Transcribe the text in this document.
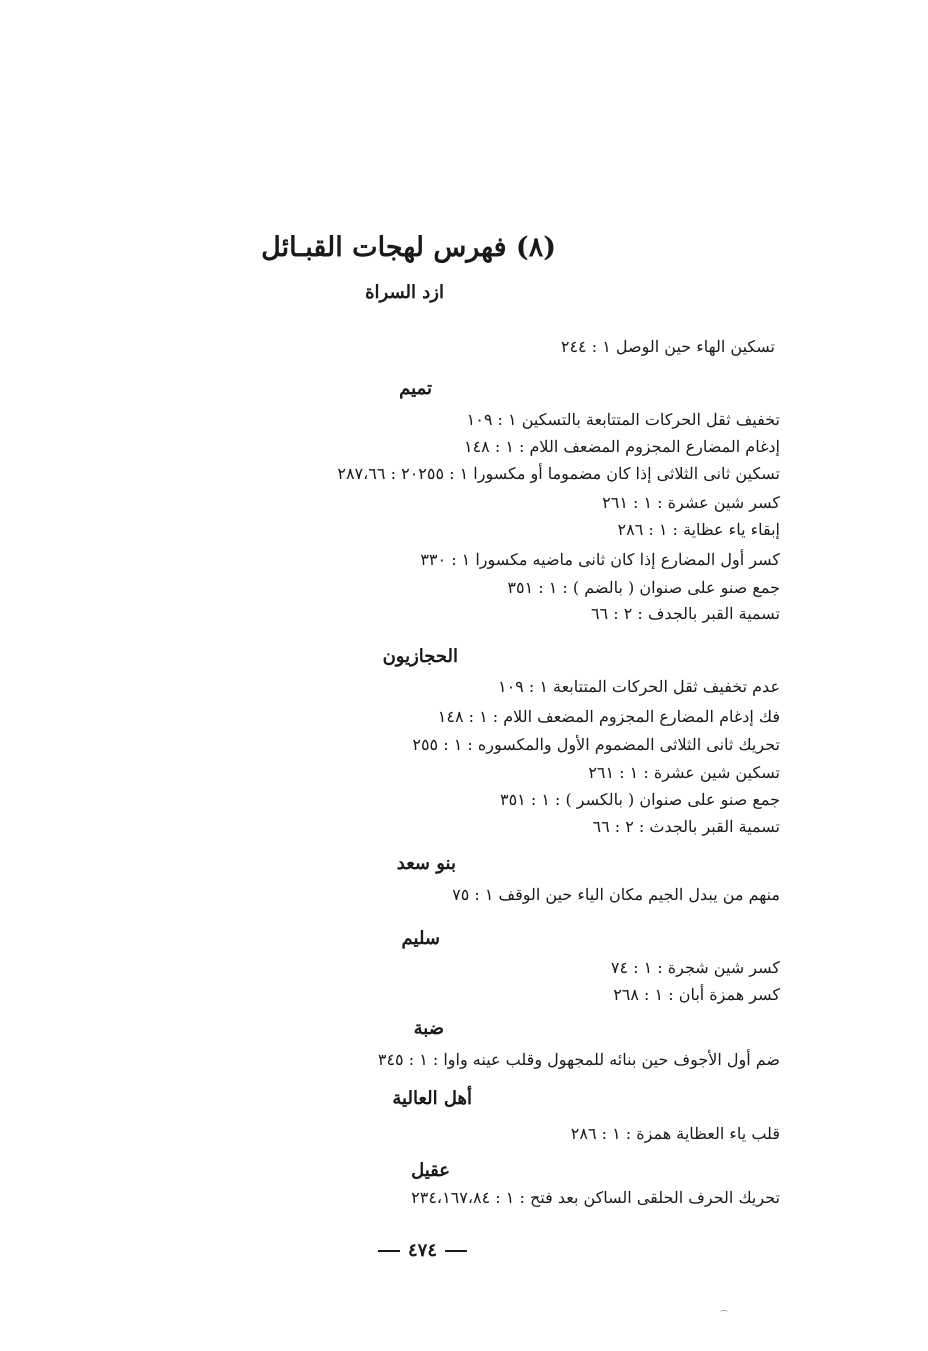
(٨) فهرس لهجات القبـائل
ازد السراة
تسكين الهاء حين الوصل ١ : ٢٤٤
تميم
تخفيف ثقل الحركات المتتابعة بالتسكين ١ : ١٠٩
إدغام المضارع المجزوم المضعف اللام : ١ : ١٤٨
تسكين ثانى الثلاثى إذا كان مضموما أو مكسورا ١ : ٢٠٢٥٥ : ٢٨٧،٦٦
كسر شين عشرة : ١ : ٢٦١
إبقاء ياء عظاية : ١ : ٢٨٦
كسر أول المضارع إذا كان ثانى ماضيه مكسورا ١ : ٣٣٠
جمع صنو على صنوان ( بالضم ) : ١ : ٣٥١
تسمية القبر بالجدف : ٢ : ٦٦
الحجازيون
عدم تخفيف ثقل الحركات المتتابعة ١ : ١٠٩
فك إدغام المضارع المجزوم المضعف اللام : ١ : ١٤٨
تحريك ثانى الثلاثى المضموم الأول والمكسوره : ١ : ٢٥٥
تسكين شين عشرة : ١ : ٢٦١
جمع صنو على صنوان ( بالكسر ) : ١ : ٣٥١
تسمية القبر بالجدث : ٢ : ٦٦
بنو سعد
منهم من يبدل الجيم مكان الياء حين الوقف ١ : ٧٥
سليم
كسر شين شجرة : ١ : ٧٤
كسر همزة أبان : ١ : ٢٦٨
ضبة
ضم أول الأجوف حين بنائه للمجهول وقلب عينه واوا : ١ : ٣٤٥
أهل العالية
قلب ياء العظاية همزة : ١ : ٢٨٦
عقيل
تحريك الحرف الحلقى الساكن بعد فتح : ١ : ٢٣٤،١٦٧،٨٤
٤٧٤
